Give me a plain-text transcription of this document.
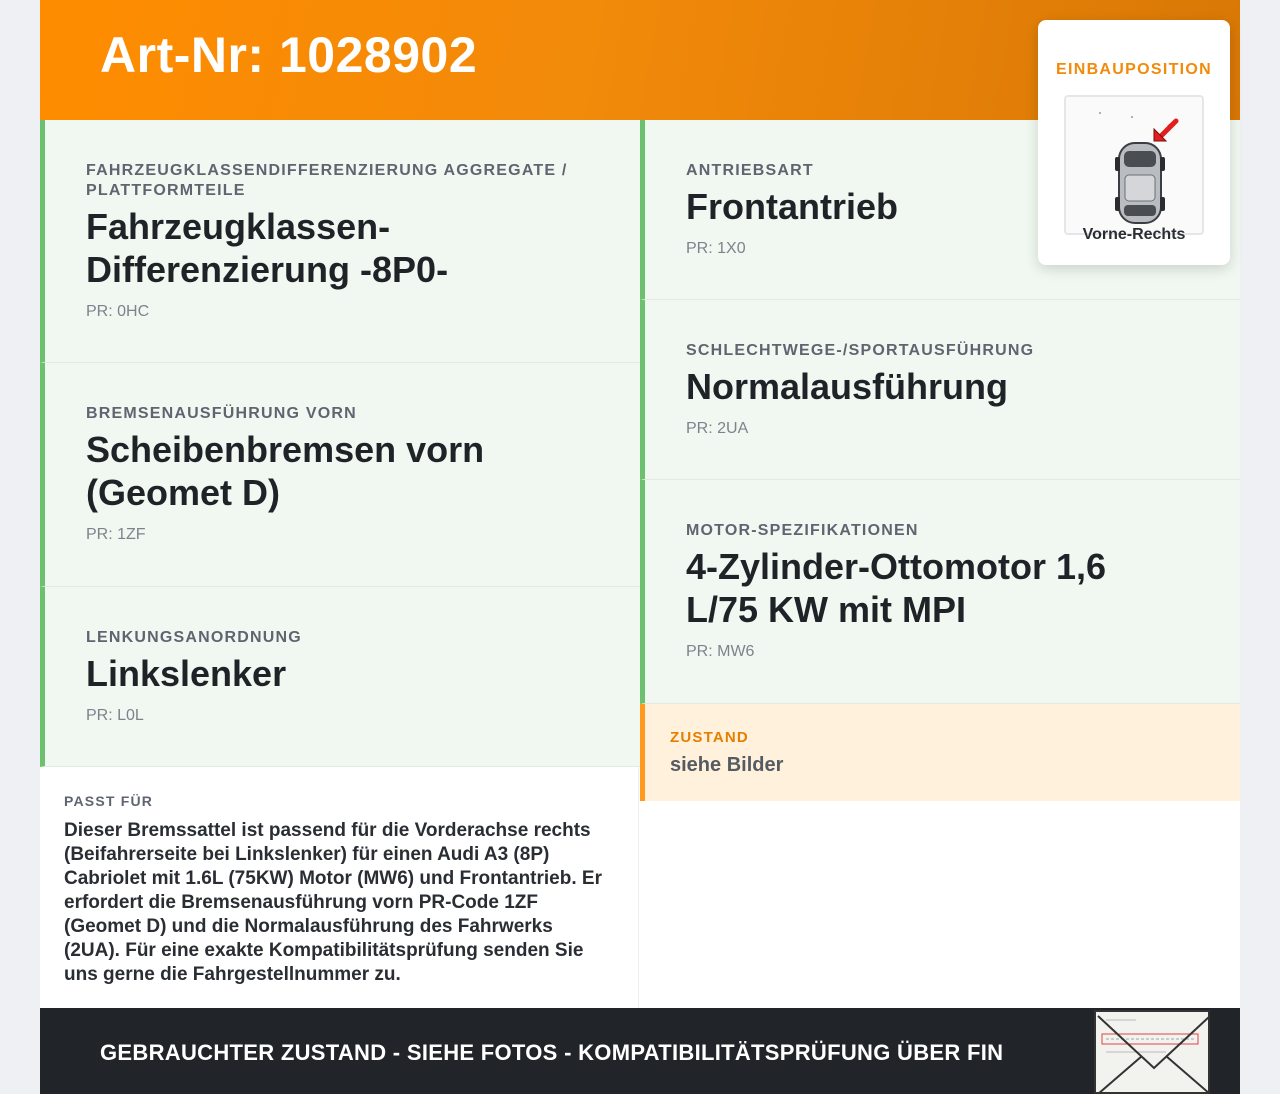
Art-Nr: 1028902
FAHRZEUGKLASSENDIFFERENZIERUNG AGGREGATE / PLATTFORMTEILE
Fahrzeugklassen-Differenzierung -8P0-
PR: 0HC
BREMSENAUSFÜHRUNG VORN
Scheibenbremsen vorn (Geomet D)
PR: 1ZF
LENKUNGSANORDNUNG
Linkslenker
PR: L0L
ANTRIEBSART
Frontantrieb
PR: 1X0
SCHLECHTWEGE-/SPORTAUSFÜHRUNG
Normalausführung
PR: 2UA
MOTOR-SPEZIFIKATIONEN
4-Zylinder-Ottomotor 1,6 L/75 KW mit MPI
PR: MW6
ZUSTAND
siehe Bilder
PASST FÜR
Dieser Bremssattel ist passend für die Vorderachse rechts (Beifahrerseite bei Linkslenker) für einen Audi A3 (8P) Cabriolet mit 1.6L (75KW) Motor (MW6) und Frontantrieb. Er erfordert die Bremsenausführung vorn PR-Code 1ZF (Geomet D) und die Normalausführung des Fahrwerks (2UA). Für eine exakte Kompatibilitätsprüfung senden Sie uns gerne die Fahrgestellnummer zu.
GEBRAUCHTER ZUSTAND - SIEHE FOTOS - KOMPATIBILITÄTSPRÜFUNG ÜBER FIN
EINBAUPOSITION
Vorne-Rechts
